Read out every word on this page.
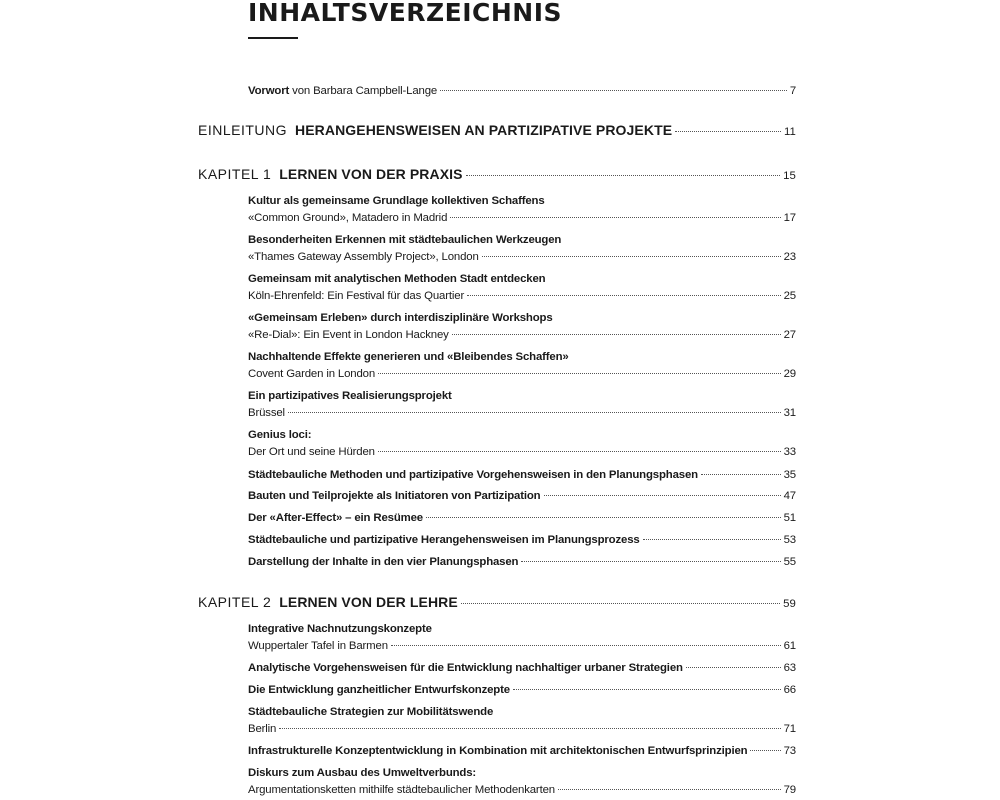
INHALTSVERZEICHNIS
Vorwort von Barbara Campbell-Lange	7
EINLEITUNG HERANGEHENSWEISEN AN PARTIZIPATIVE PROJEKTE	11
KAPITEL 1 LERNEN VON DER PRAXIS	15
Kultur als gemeinsame Grundlage kollektiven Schaffens
«Common Ground», Matadero in Madrid	17
Besonderheiten Erkennen mit städtebaulichen Werkzeugen
«Thames Gateway Assembly Project», London	23
Gemeinsam mit analytischen Methoden Stadt entdecken
Köln-Ehrenfeld: Ein Festival für das Quartier	25
«Gemeinsam Erleben» durch interdisziplinäre Workshops
«Re-Dial»: Ein Event in London Hackney	27
Nachhaltende Effekte generieren und «Bleibendes Schaffen»
Covent Garden in London	29
Ein partizipatives Realisierungsprojekt
Brüssel	31
Genius loci:
Der Ort und seine Hürden	33
Städtebauliche Methoden und partizipative Vorgehensweisen in den Planungsphasen	35
Bauten und Teilprojekte als Initiatoren von Partizipation	47
Der «After-Effect» – ein Resümee	51
Städtebauliche und partizipative Herangehensweisen im Planungsprozess	53
Darstellung der Inhalte in den vier Planungsphasen	55
KAPITEL 2 LERNEN VON DER LEHRE	59
Integrative Nachnutzungskonzepte
Wuppertaler Tafel in Barmen	61
Analytische Vorgehensweisen für die Entwicklung nachhaltiger urbaner Strategien	63
Die Entwicklung ganzheitlicher Entwurfskonzepte	66
Städtebauliche Strategien zur Mobilitätswende
Berlin	71
Infrastrukturelle Konzeptentwicklung in Kombination mit architektonischen Entwurfsprinzipien	73
Diskurs zum Ausbau des Umweltverbunds:
Argumentationsketten mithilfe städtebaulicher Methodenkarten	79
